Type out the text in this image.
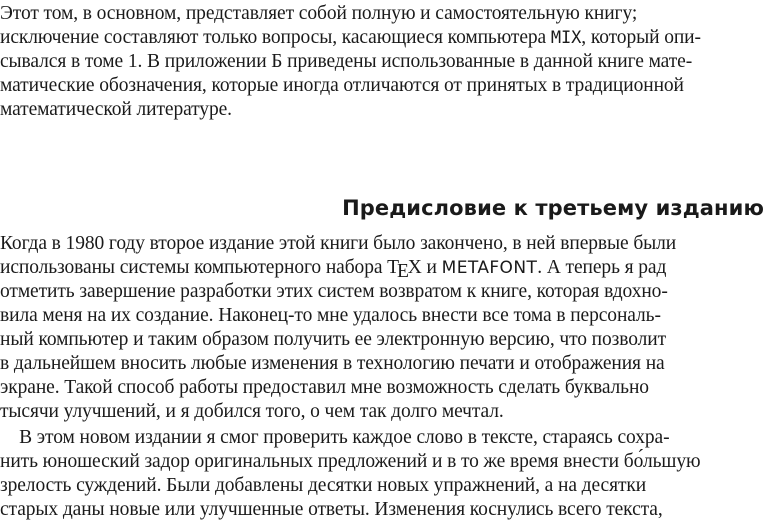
Этот том, в основном, представляет собой полную и самостоятельную книгу;
исключение составляют только вопросы, касающиеся компьютера MIX, который опи-
сывался в томе 1. В приложении Б приведены использованные в данной книге мате-
матические обозначения, которые иногда отличаются от принятых в традиционной
математической литературе.
Предисловие к третьему изданию
Когда в 1980 году второе издание этой книги было закончено, в ней впервые были
использованы системы компьютерного набора TEX и METAFONT. А теперь я рад
отметить завершение разработки этих систем возвратом к книге, которая вдохно-
вила меня на их создание. Наконец-то мне удалось внести все тома в персональ-
ный компьютер и таким образом получить ее электронную версию, что позволит
в дальнейшем вносить любые изменения в технологию печати и отображения на
экране. Такой способ работы предоставил мне возможность сделать буквально
тысячи улучшений, и я добился того, о чем так долго мечтал.
В этом новом издании я смог проверить каждое слово в тексте, стараясь сохра-
нить юношеский задор оригинальных предложений и в то же время внести бо́льшую
зрелость суждений. Были добавлены десятки новых упражнений, а на десятки
старых даны новые или улучшенные ответы. Изменения коснулись всего текста,
